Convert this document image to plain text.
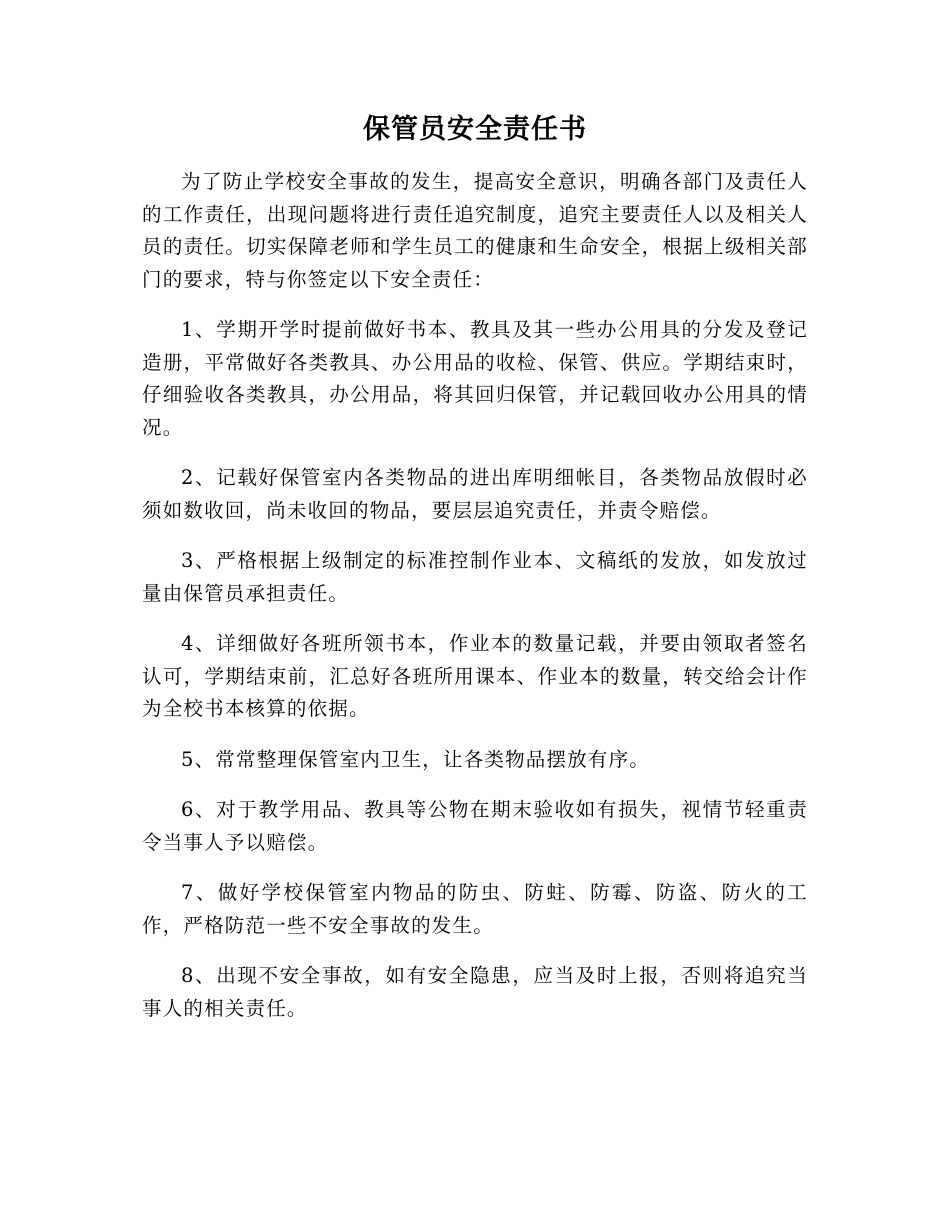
保管员安全责任书

为了防止学校安全事故的发生，提高安全意识，明确各部门及责任人的工作责任，出现问题将进行责任追究制度，追究主要责任人以及相关人员的责任。切实保障老师和学生员工的健康和生命安全，根据上级相关部门的要求，特与你签定以下安全责任：

1、学期开学时提前做好书本、教具及其一些办公用具的分发及登记造册，平常做好各类教具、办公用品的收检、保管、供应。学期结束时，仔细验收各类教具，办公用品，将其回归保管，并记载回收办公用具的情况。

2、记载好保管室内各类物品的进出库明细帐目，各类物品放假时必须如数收回，尚未收回的物品，要层层追究责任，并责令赔偿。

3、严格根据上级制定的标准控制作业本、文稿纸的发放，如发放过量由保管员承担责任。

4、详细做好各班所领书本，作业本的数量记载，并要由领取者签名认可，学期结束前，汇总好各班所用课本、作业本的数量，转交给会计作为全校书本核算的依据。

5、常常整理保管室内卫生，让各类物品摆放有序。

6、对于教学用品、教具等公物在期末验收如有损失，视情节轻重责令当事人予以赔偿。

7、做好学校保管室内物品的防虫、防蛀、防霉、防盗、防火的工作，严格防范一些不安全事故的发生。

8、出现不安全事故，如有安全隐患，应当及时上报，否则将追究当事人的相关责任。
